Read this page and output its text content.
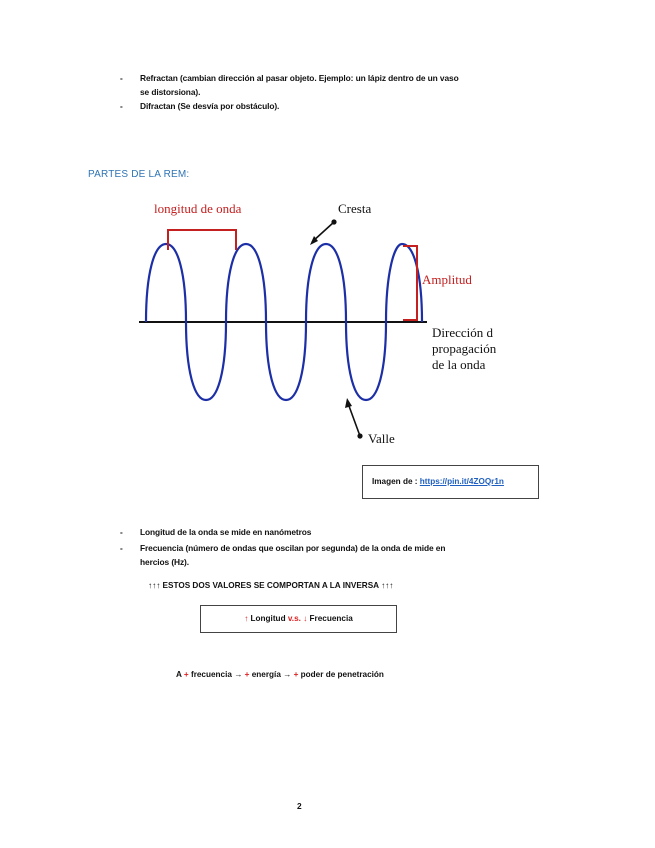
- Refractan (cambian dirección al pasar objeto. Ejemplo: un lápiz dentro de un vaso
se distorsiona).
- Difractan (Se desvía por obstáculo).
PARTES DE LA REM:
longitud de onda
Amplitud
Cresta
Valle
Dirección d
propagación
de la onda
Imagen de : https://pin.it/4ZOQr1n
- Longitud de la onda se mide en nanómetros
- Frecuencia (número de ondas que oscilan por segunda) de la onda de mide en
hercios (Hz).
↑↑↑ ESTOS DOS VALORES SE COMPORTAN A LA INVERSA ↑↑↑
↑ Longitud v.s. ↓ Frecuencia
A + frecuencia → + energía → + poder de penetración
2
